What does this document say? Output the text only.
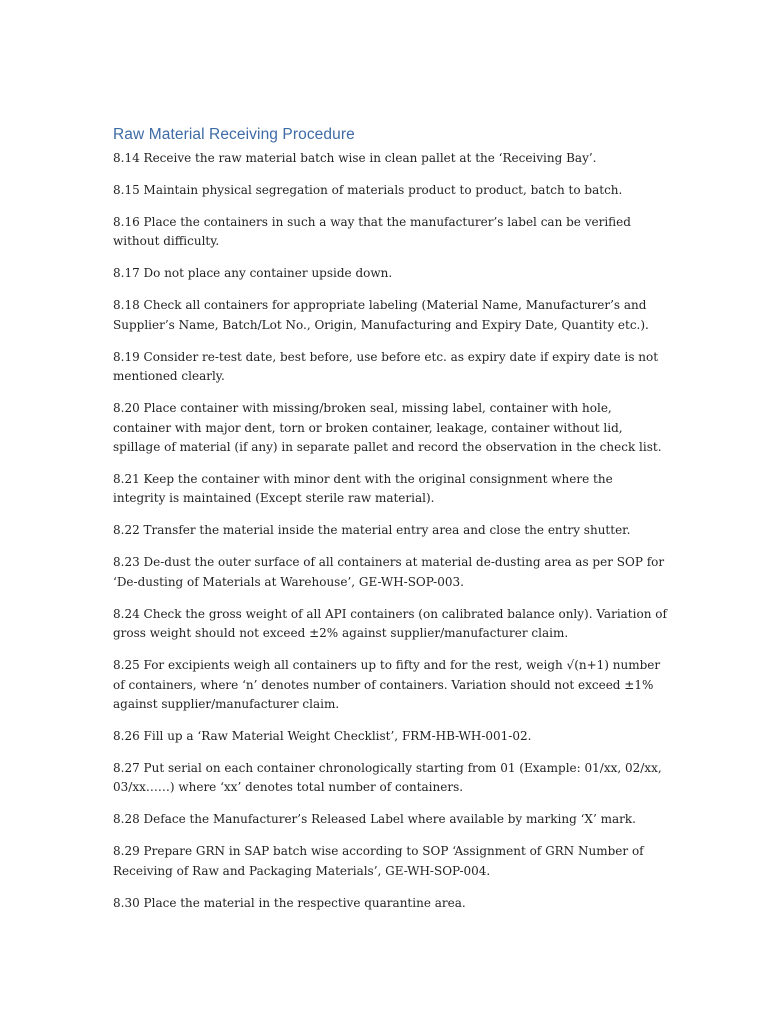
Raw Material Receiving Procedure

8.14 Receive the raw material batch wise in clean pallet at the ‘Receiving Bay’.

8.15 Maintain physical segregation of materials product to product, batch to batch.

8.16 Place the containers in such a way that the manufacturer’s label can be verified without difficulty.

8.17 Do not place any container upside down.

8.18 Check all containers for appropriate labeling (Material Name, Manufacturer’s and Supplier’s Name, Batch/Lot No., Origin, Manufacturing and Expiry Date, Quantity etc.).

8.19 Consider re-test date, best before, use before etc. as expiry date if expiry date is not mentioned clearly.

8.20 Place container with missing/broken seal, missing label, container with hole, container with major dent, torn or broken container, leakage, container without lid, spillage of material (if any) in separate pallet and record the observation in the check list.

8.21 Keep the container with minor dent with the original consignment where the integrity is maintained (Except sterile raw material).

8.22 Transfer the material inside the material entry area and close the entry shutter.

8.23 De-dust the outer surface of all containers at material de-dusting area as per SOP for ‘De-dusting of Materials at Warehouse’, GE-WH-SOP-003.

8.24 Check the gross weight of all API containers (on calibrated balance only). Variation of gross weight should not exceed ±2% against supplier/manufacturer claim.

8.25 For excipients weigh all containers up to fifty and for the rest, weigh √(n+1) number of containers, where ‘n’ denotes number of containers. Variation should not exceed ±1% against supplier/manufacturer claim.

8.26 Fill up a ‘Raw Material Weight Checklist’, FRM-HB-WH-001-02.

8.27 Put serial on each container chronologically starting from 01 (Example: 01/xx, 02/xx, 03/xx……) where ‘xx’ denotes total number of containers.

8.28 Deface the Manufacturer’s Released Label where available by marking ‘X’ mark.

8.29 Prepare GRN in SAP batch wise according to SOP ‘Assignment of GRN Number of Receiving of Raw and Packaging Materials’, GE-WH-SOP-004.

8.30 Place the material in the respective quarantine area.
